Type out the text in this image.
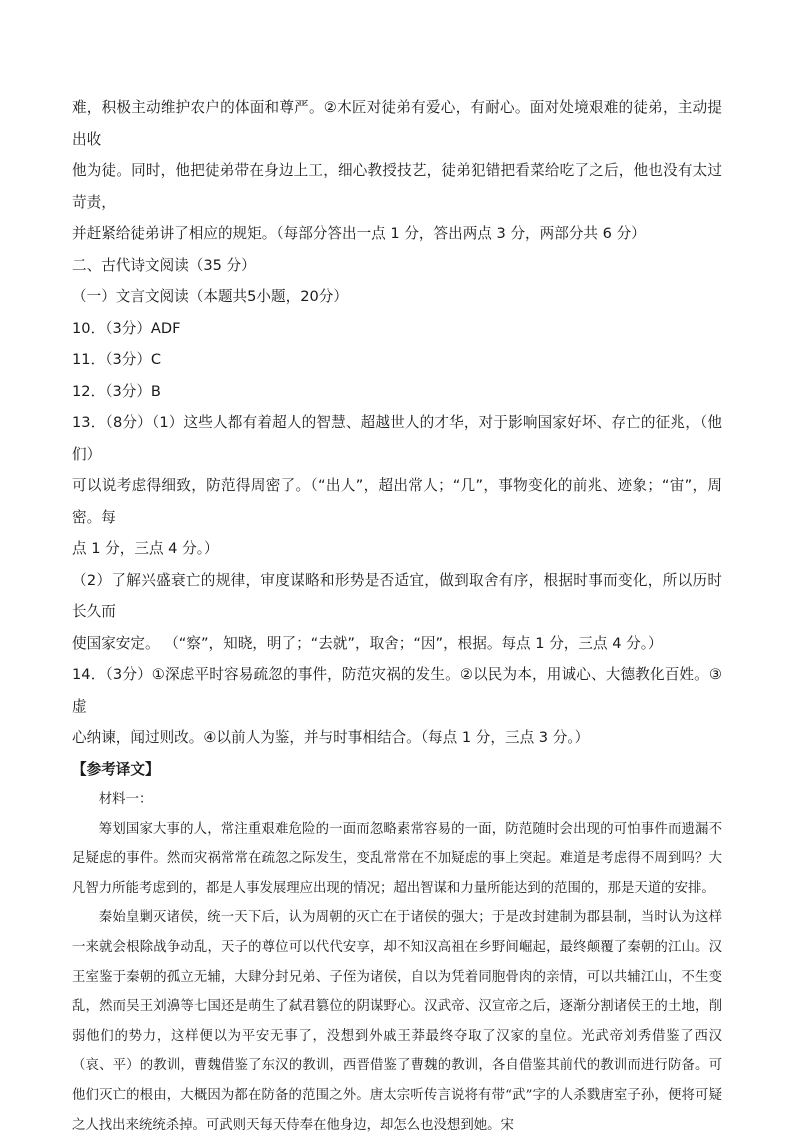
难，积极主动维护农户的体面和尊严。②木匠对徒弟有爱心，有耐心。面对处境艰难的徒弟，主动提出收

他为徒。同时，他把徒弟带在身边上工，细心教授技艺，徒弟犯错把看菜给吃了之后，他也没有太过苛责，

并赶紧给徒弟讲了相应的规矩。（每部分答出一点 1 分，答出两点 3 分，两部分共 6 分）

二、古代诗文阅读（35 分）

（一）文言文阅读（本题共5小题，20分）

10．（3分）ADF

11．（3分）C

12．（3分）B

13．（8分）（1）这些人都有着超人的智慧、超越世人的才华，对于影响国家好坏、存亡的征兆，（他们）

可以说考虑得细致，防范得周密了。（“出人”，超出常人；“几”，事物变化的前兆、迹象；“宙”，周密。每

点 1 分，三点 4 分。）

（2）了解兴盛衰亡的规律，审度谋略和形势是否适宜，做到取舍有序，根据时事而变化，所以历时长久而

使国家安定。 （“察”，知晓，明了；“去就”，取舍；“因”，根据。每点 1 分，三点 4 分。）

14．（3分）①深虑平时容易疏忽的事件，防范灾祸的发生。②以民为本，用诚心、大德教化百姓。③虚

心纳谏，闻过则改。④以前人为鉴，并与时事相结合。（每点 1 分，三点 3 分。）

【参考译文】

材料一：

筹划国家大事的人，常注重艰难危险的一面而忽略素常容易的一面，防范随时会出现的可怕事件而遗漏不足疑虑的事件。然而灾祸常常在疏忽之际发生，变乱常常在不加疑虑的事上突起。难道是考虑得不周到吗？大凡智力所能考虑到的，都是人事发展理应出现的情况；超出智谋和力量所能达到的范围的，那是天道的安排。

秦始皇剿灭诸侯，统一天下后，认为周朝的灭亡在于诸侯的强大；于是改封建制为郡县制，当时认为这样一来就会根除战争动乱，天子的尊位可以代代安享，却不知汉高祖在乡野间崛起，最终颠覆了秦朝的江山。汉王室鉴于秦朝的孤立无辅，大肆分封兄弟、子侄为诸侯，自以为凭着同胞骨肉的亲情，可以共辅江山，不生变乱，然而吴王刘濞等七国还是萌生了弑君篡位的阴谋野心。汉武帝、汉宣帝之后，逐渐分割诸侯王的土地，削弱他们的势力，这样便以为平安无事了，没想到外戚王莽最终夺取了汉家的皇位。光武帝刘秀借鉴了西汉（哀、平）的教训，曹魏借鉴了东汉的教训，西晋借鉴了曹魏的教训，各自借鉴其前代的教训而进行防备。可他们灭亡的根由，大概因为都在防备的范围之外。唐太宗听传言说将有带“武”字的人杀戮唐室子孙，便将可疑之人找出来统统杀掉。可武则天每天侍奉在他身边，却怎么也没想到她。宋
